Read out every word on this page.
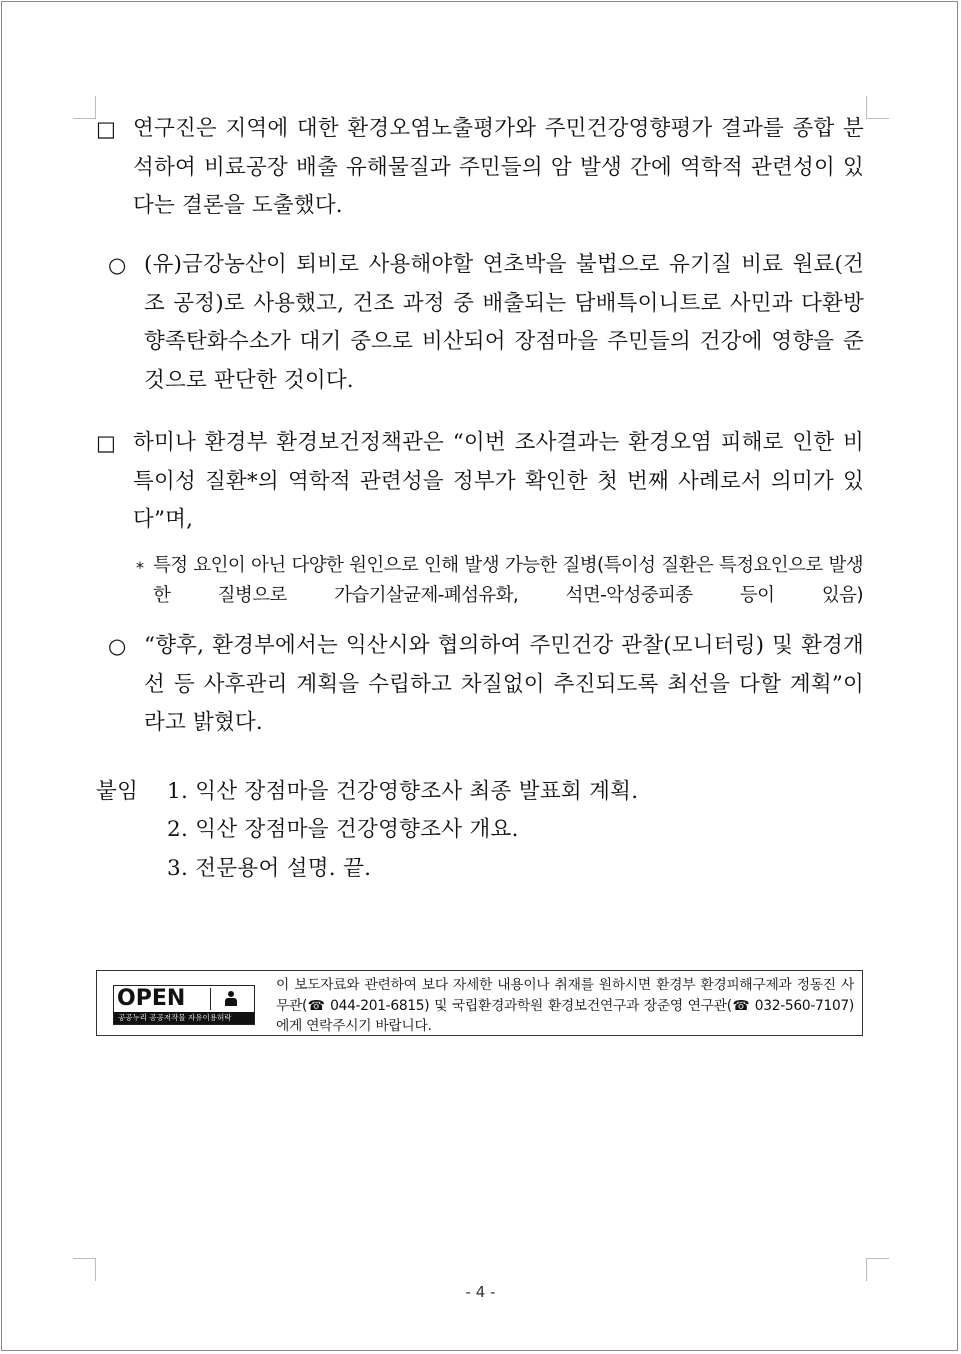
□ 연구진은 지역에 대한 환경오염노출평가와 주민건강영향평가 결과를 종합 분석하여 비료공장 배출 유해물질과 주민들의 암 발생 간에 역학적 관련성이 있다는 결론을 도출했다.

○ (유)금강농산이 퇴비로 사용해야할 연초박을 불법으로 유기질 비료 원료(건조 공정)로 사용했고, 건조 과정 중 배출되는 담배특이니트로 사민과 다환방향족탄화수소가 대기 중으로 비산되어 장점마을 주민들의 건강에 영향을 준 것으로 판단한 것이다.

□ 하미나 환경부 환경보건정책관은 “이번 조사결과는 환경오염 피해로 인한 비특이성 질환*의 역학적 관련성을 정부가 확인한 첫 번째 사례로서 의미가 있다”며,

* 특정 요인이 아닌 다양한 원인으로 인해 발생 가능한 질병(특이성 질환은 특정요인으로 발생한 질병으로 가습기살균제-폐섬유화, 석면-악성중피종 등이 있음)

○ “향후, 환경부에서는 익산시와 협의하여 주민건강 관찰(모니터링) 및 환경개선 등 사후관리 계획을 수립하고 차질없이 추진되도록 최선을 다할 계획”이라고 밝혔다.

붙임 1. 익산 장점마을 건강영향조사 최종 발표회 계획.
2. 익산 장점마을 건강영향조사 개요.
3. 전문용어 설명. 끝.
OPEN
공공누리 공공저작물 자유이용허락

이 보도자료와 관련하여 보다 자세한 내용이나 취재를 원하시면 환경부 환경피해구제과 정동진 사무관(☎ 044-201-6815) 및 국립환경과학원 환경보건연구과 장준영 연구관(☎ 032-560-7107)에게 연락주시기 바랍니다.

- 4 -
